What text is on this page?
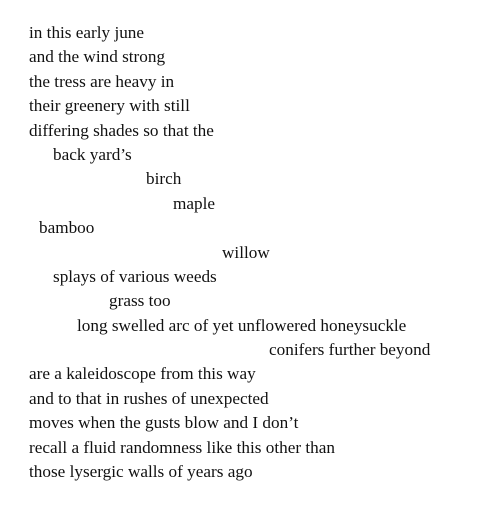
in this early june
and the wind strong
the tress are heavy in
their greenery with still
differing shades so that the
back yard’s
birch
maple
bamboo
willow
splays of various weeds
grass too
long swelled arc of yet unflowered honeysuckle
conifers further beyond
are a kaleidoscope from this way
and to that in rushes of unexpected
moves when the gusts blow and I don’t
recall a fluid randomness like this other than
those lysergic walls of years ago
